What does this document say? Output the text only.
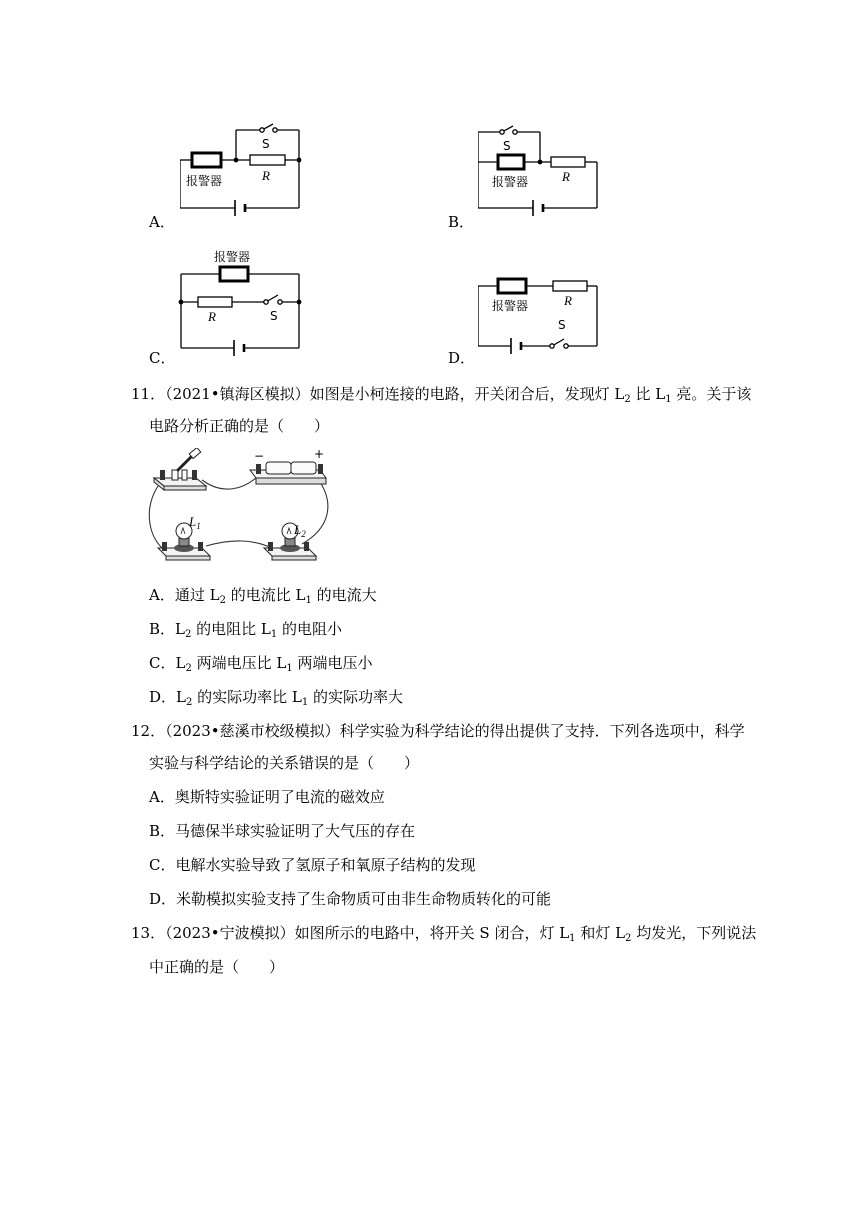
报警器	R
S
A．
报警器	R
S
B．
报警器
R	S
C．
报警器	R
S
D．
11．（2021•镇海区模拟）如图是小柯连接的电路，开关闭合后，发现灯 $L_2$ 比 $L_1$ 亮。关于该
电路分析正确的是（　　）
−	+
$L_1$	$L_2$
A．通过 $L_2$ 的电流比 $L_1$ 的电流大
B．$L_2$ 的电阻比 $L_1$ 的电阻小
C．$L_2$ 两端电压比 $L_1$ 两端电压小
D．$L_2$ 的实际功率比 $L_1$ 的实际功率大
12．（2023•慈溪市校级模拟）科学实验为科学结论的得出提供了支持．下列各选项中，科学
实验与科学结论的关系错误的是（　　）
A．奥斯特实验证明了电流的磁效应
B．马德保半球实验证明了大气压的存在
C．电解水实验导致了氢原子和氧原子结构的发现
D．米勒模拟实验支持了生命物质可由非生命物质转化的可能
13．（2023•宁波模拟）如图所示的电路中，将开关 S 闭合，灯 $L_1$ 和灯 $L_2$ 均发光，下列说法
中正确的是（　　）
